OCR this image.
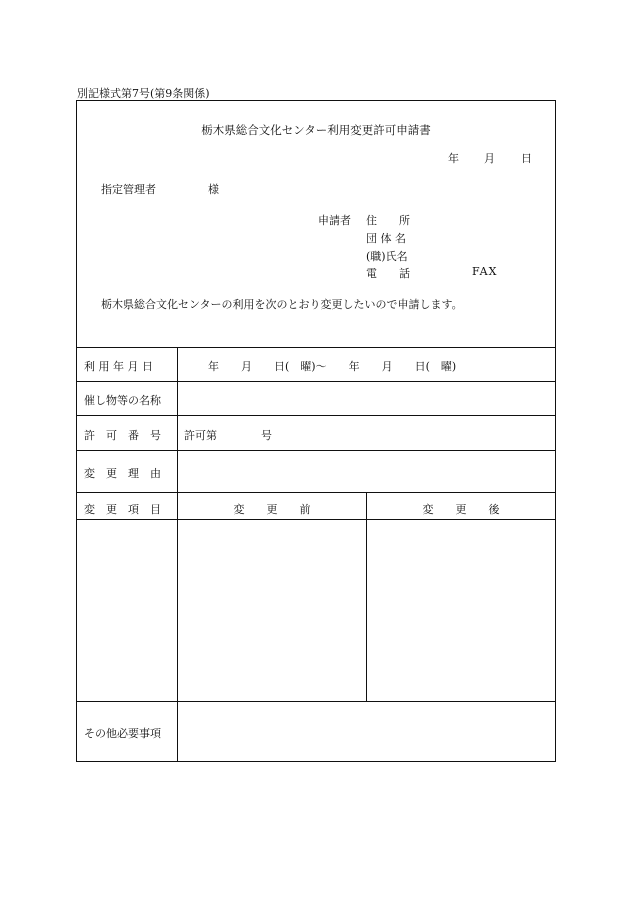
別記様式第7号(第9条関係)
栃木県総合文化センター利用変更許可申請書
年 月 日
指定管理者	様
申請者 住　　所
団 体 名
(職)氏名
電　　話	FAX
栃木県総合文化センターの利用を次のとおり変更したいので申請します。
利 用 年 月 日	年　　月　　日(　曜)〜　　年　　月　　日(　曜)
催し物等の名称
許　可　番　号 許可第　　　　号
変　更　理　由
変　更　項　目	変　　更　　前	変　　更　　後
その他必要事項
